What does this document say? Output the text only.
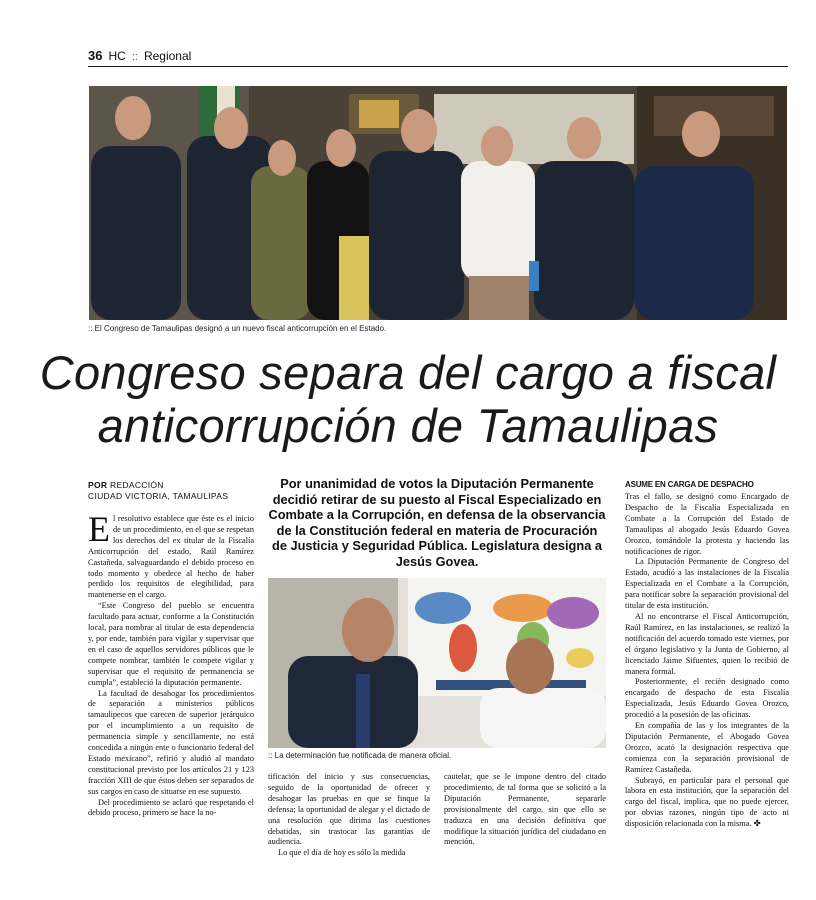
36 HC :: Regional
:: El Congreso de Tamaulipas designó a un nuevo fiscal anticorrupción en el Estado.
Congreso separa del cargo a fiscal
anticorrupción de Tamaulipas
POR REDACCIÓN
CIUDAD VICTORIA, TAMAULIPAS
Por unanimidad de votos la Diputación Permanente decidió retirar de su puesto al Fiscal Especializado en Combate a la Corrupción, en defensa de la observancia de la Constitución federal en materia de Procuración de Justicia y Seguridad Pública. Legislatura designa a Jesús Govea.

El resolutivo establece que éste es el inicio de un procedimiento, en el que se respetan los derechos del ex titular de la Fiscalía Anticorrupción del estado, Raúl Ramírez Castañeda, salvaguardando el debido proceso en todo momento y obedece al hecho de haber perdido los requisitos de elegibilidad, para mantenerse en el cargo.

“Este Congreso del pueblo se encuentra facultado para actuar, conforme a la Constitución local, para nombrar al titular de esta dependencia y, por ende, también para vigilar y supervisar que en el caso de aquellos servidores públicos que le compete nombrar, también le compete vigilar y supervisar que el requisito de permanencia se cumpla”, estableció la diputación permanente.

La facultad de desahogar los procedimientos de separación a ministerios públicos tamaulipecos que carecen de superior jerárquico por el incumplimiento a un requisito de permanencia simple y sencillamente, no está concedida a ningún ente o funcionario federal del Estado mexicano”, refirió y aludió al mandato constitucional previsto por los artículos 21 y 123 fracción XIII de que éstos deben ser separados de sus cargos en caso de situarse en ese supuesto.

Del procedimiento se aclaró que respetando el debido proceso, primero se hace la no-

:: La determinación fue notificada de manera oficial.

tificación del inicio y sus consecuencias, seguido de la oportunidad de ofrecer y desahogar las pruebas en que se finque la defensa; la oportunidad de alegar y el dictado de una resolución que dirima las cuestiones debatidas, sin trastocar las garantías de audiencia.

Lo que el día de hoy es sólo la medida

cautelar, que se le impone dentro del citado procedimiento, de tal forma que se solicitó a la Diputación Permanente, separarle provisionalmente del cargo, sin que ello se traduzca en una decisión definitiva que modifique la situación jurídica del ciudadano en mención.

ASUME EN CARGA DE DESPACHO

Tras el fallo, se designó como Encargado de Despacho de la Fiscalía Especializada en Combate a la Corrupción del Estado de Tamaulipas al abogado Jesús Eduardo Govea Orozco, tomándole la protesta y haciendo las notificaciones de rigor.

La Diputación Permanente de Congreso del Estado, acudió a las instalaciones de la Fiscalía Especializada en el Combate a la Corrupción, para notificar sobre la separación provisional del titular de esta institución.

Al no encontrarse el Fiscal Anticorrupción, Raúl Ramírez, en las instalaciones, se realizó la notificación del acuerdo tomado este viernes, por el órgano legislativo y la Junta de Gobierno, al licenciado Jaime Sifuentes, quien lo recibió de manera formal.

Posteriormente, el recién designado como encargado de despacho de esta Fiscalía Especializada, Jesús Eduardo Govea Orozco, procedió a la posesión de las oficinas.

En compañía de las y los integrantes de la Diputación Permanente, el Abogado Govea Orozco, acató la designación respectiva que comienza con la separación provisional de Ramírez Castañeda.

Subrayó, en particular para el personal que labora en esta institución, que la separación del cargo del fiscal, implica, que no puede ejercer, por obvias razones, ningún tipo de acto ni disposición relacionada con la misma. ✤
